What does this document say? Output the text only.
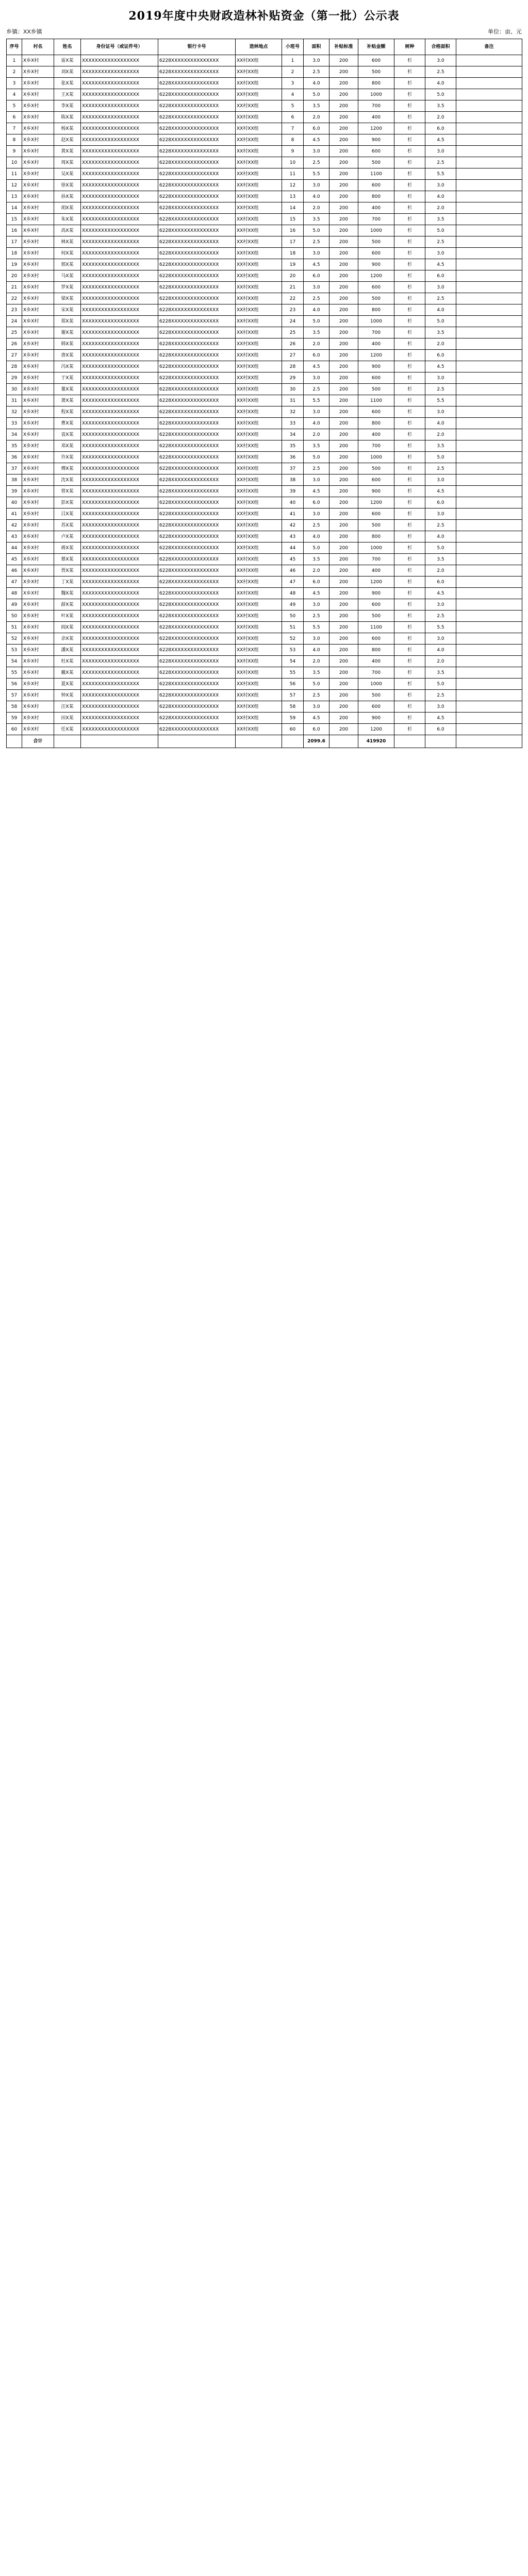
2019年度中央财政造林补贴资金（第一批）公示表
乡镇：XX乡镇	单位：亩、元
序号	村名	姓名	身份证号（或证件号）	银行卡号	造林地点	小班号	面积	补贴标准	补贴金额	树种	合格面积	备注
1	X乡X村	雷X某	XXXXXXXXXXXXXXXXXX	6228XXXXXXXXXXXXXXX	XX村XX组	1	3.0	200	600	杉	3.0	
2	X乡X村	刘X某	XXXXXXXXXXXXXXXXXX	6228XXXXXXXXXXXXXXX	XX村XX组	2	2.5	200	500	杉	2.5	
3	X乡X村	张X某	XXXXXXXXXXXXXXXXXX	6228XXXXXXXXXXXXXXX	XX村XX组	3	4.0	200	800	杉	4.0	
4	X乡X村	王X某	XXXXXXXXXXXXXXXXXX	6228XXXXXXXXXXXXXXX	XX村XX组	4	5.0	200	1000	杉	5.0	
5	X乡X村	李X某	XXXXXXXXXXXXXXXXXX	6228XXXXXXXXXXXXXXX	XX村XX组	5	3.5	200	700	杉	3.5	
6	X乡X村	陈X某	XXXXXXXXXXXXXXXXXX	6228XXXXXXXXXXXXXXX	XX村XX组	6	2.0	200	400	杉	2.0	
7	X乡X村	杨X某	XXXXXXXXXXXXXXXXXX	6228XXXXXXXXXXXXXXX	XX村XX组	7	6.0	200	1200	杉	6.0	
8	X乡X村	赵X某	XXXXXXXXXXXXXXXXXX	6228XXXXXXXXXXXXXXX	XX村XX组	8	4.5	200	900	杉	4.5	
9	X乡X村	黄X某	XXXXXXXXXXXXXXXXXX	6228XXXXXXXXXXXXXXX	XX村XX组	9	3.0	200	600	杉	3.0	
10	X乡X村	周X某	XXXXXXXXXXXXXXXXXX	6228XXXXXXXXXXXXXXX	XX村XX组	10	2.5	200	500	杉	2.5	
11	X乡X村	吴X某	XXXXXXXXXXXXXXXXXX	6228XXXXXXXXXXXXXXX	XX村XX组	11	5.5	200	1100	杉	5.5	
12	X乡X村	徐X某	XXXXXXXXXXXXXXXXXX	6228XXXXXXXXXXXXXXX	XX村XX组	12	3.0	200	600	杉	3.0	
13	X乡X村	孙X某	XXXXXXXXXXXXXXXXXX	6228XXXXXXXXXXXXXXX	XX村XX组	13	4.0	200	800	杉	4.0	
14	X乡X村	胡X某	XXXXXXXXXXXXXXXXXX	6228XXXXXXXXXXXXXXX	XX村XX组	14	2.0	200	400	杉	2.0	
15	X乡X村	朱X某	XXXXXXXXXXXXXXXXXX	6228XXXXXXXXXXXXXXX	XX村XX组	15	3.5	200	700	杉	3.5	
16	X乡X村	高X某	XXXXXXXXXXXXXXXXXX	6228XXXXXXXXXXXXXXX	XX村XX组	16	5.0	200	1000	杉	5.0	
17	X乡X村	林X某	XXXXXXXXXXXXXXXXXX	6228XXXXXXXXXXXXXXX	XX村XX组	17	2.5	200	500	杉	2.5	
18	X乡X村	何X某	XXXXXXXXXXXXXXXXXX	6228XXXXXXXXXXXXXXX	XX村XX组	18	3.0	200	600	杉	3.0	
19	X乡X村	郭X某	XXXXXXXXXXXXXXXXXX	6228XXXXXXXXXXXXXXX	XX村XX组	19	4.5	200	900	杉	4.5	
20	X乡X村	马X某	XXXXXXXXXXXXXXXXXX	6228XXXXXXXXXXXXXXX	XX村XX组	20	6.0	200	1200	杉	6.0	
21	X乡X村	罗X某	XXXXXXXXXXXXXXXXXX	6228XXXXXXXXXXXXXXX	XX村XX组	21	3.0	200	600	杉	3.0	
22	X乡X村	梁X某	XXXXXXXXXXXXXXXXXX	6228XXXXXXXXXXXXXXX	XX村XX组	22	2.5	200	500	杉	2.5	
23	X乡X村	宋X某	XXXXXXXXXXXXXXXXXX	6228XXXXXXXXXXXXXXX	XX村XX组	23	4.0	200	800	杉	4.0	
24	X乡X村	郑X某	XXXXXXXXXXXXXXXXXX	6228XXXXXXXXXXXXXXX	XX村XX组	24	5.0	200	1000	杉	5.0	
25	X乡X村	谢X某	XXXXXXXXXXXXXXXXXX	6228XXXXXXXXXXXXXXX	XX村XX组	25	3.5	200	700	杉	3.5	
26	X乡X村	韩X某	XXXXXXXXXXXXXXXXXX	6228XXXXXXXXXXXXXXX	XX村XX组	26	2.0	200	400	杉	2.0	
27	X乡X村	唐X某	XXXXXXXXXXXXXXXXXX	6228XXXXXXXXXXXXXXX	XX村XX组	27	6.0	200	1200	杉	6.0	
28	X乡X村	冯X某	XXXXXXXXXXXXXXXXXX	6228XXXXXXXXXXXXXXX	XX村XX组	28	4.5	200	900	杉	4.5	
29	X乡X村	于X某	XXXXXXXXXXXXXXXXXX	6228XXXXXXXXXXXXXXX	XX村XX组	29	3.0	200	600	杉	3.0	
30	X乡X村	董X某	XXXXXXXXXXXXXXXXXX	6228XXXXXXXXXXXXXXX	XX村XX组	30	2.5	200	500	杉	2.5	
31	X乡X村	萧X某	XXXXXXXXXXXXXXXXXX	6228XXXXXXXXXXXXXXX	XX村XX组	31	5.5	200	1100	杉	5.5	
32	X乡X村	程X某	XXXXXXXXXXXXXXXXXX	6228XXXXXXXXXXXXXXX	XX村XX组	32	3.0	200	600	杉	3.0	
33	X乡X村	曹X某	XXXXXXXXXXXXXXXXXX	6228XXXXXXXXXXXXXXX	XX村XX组	33	4.0	200	800	杉	4.0	
34	X乡X村	袁X某	XXXXXXXXXXXXXXXXXX	6228XXXXXXXXXXXXXXX	XX村XX组	34	2.0	200	400	杉	2.0	
35	X乡X村	邓X某	XXXXXXXXXXXXXXXXXX	6228XXXXXXXXXXXXXXX	XX村XX组	35	3.5	200	700	杉	3.5	
36	X乡X村	许X某	XXXXXXXXXXXXXXXXXX	6228XXXXXXXXXXXXXXX	XX村XX组	36	5.0	200	1000	杉	5.0	
37	X乡X村	傅X某	XXXXXXXXXXXXXXXXXX	6228XXXXXXXXXXXXXXX	XX村XX组	37	2.5	200	500	杉	2.5	
38	X乡X村	沈X某	XXXXXXXXXXXXXXXXXX	6228XXXXXXXXXXXXXXX	XX村XX组	38	3.0	200	600	杉	3.0	
39	X乡X村	曾X某	XXXXXXXXXXXXXXXXXX	6228XXXXXXXXXXXXXXX	XX村XX组	39	4.5	200	900	杉	4.5	
40	X乡X村	彭X某	XXXXXXXXXXXXXXXXXX	6228XXXXXXXXXXXXXXX	XX村XX组	40	6.0	200	1200	杉	6.0	
41	X乡X村	吕X某	XXXXXXXXXXXXXXXXXX	6228XXXXXXXXXXXXXXX	XX村XX组	41	3.0	200	600	杉	3.0	
42	X乡X村	苏X某	XXXXXXXXXXXXXXXXXX	6228XXXXXXXXXXXXXXX	XX村XX组	42	2.5	200	500	杉	2.5	
43	X乡X村	卢X某	XXXXXXXXXXXXXXXXXX	6228XXXXXXXXXXXXXXX	XX村XX组	43	4.0	200	800	杉	4.0	
44	X乡X村	蒋X某	XXXXXXXXXXXXXXXXXX	6228XXXXXXXXXXXXXXX	XX村XX组	44	5.0	200	1000	杉	5.0	
45	X乡X村	蔡X某	XXXXXXXXXXXXXXXXXX	6228XXXXXXXXXXXXXXX	XX村XX组	45	3.5	200	700	杉	3.5	
46	X乡X村	贾X某	XXXXXXXXXXXXXXXXXX	6228XXXXXXXXXXXXXXX	XX村XX组	46	2.0	200	400	杉	2.0	
47	X乡X村	丁X某	XXXXXXXXXXXXXXXXXX	6228XXXXXXXXXXXXXXX	XX村XX组	47	6.0	200	1200	杉	6.0	
48	X乡X村	魏X某	XXXXXXXXXXXXXXXXXX	6228XXXXXXXXXXXXXXX	XX村XX组	48	4.5	200	900	杉	4.5	
49	X乡X村	薛X某	XXXXXXXXXXXXXXXXXX	6228XXXXXXXXXXXXXXX	XX村XX组	49	3.0	200	600	杉	3.0	
50	X乡X村	叶X某	XXXXXXXXXXXXXXXXXX	6228XXXXXXXXXXXXXXX	XX村XX组	50	2.5	200	500	杉	2.5	
51	X乡X村	阎X某	XXXXXXXXXXXXXXXXXX	6228XXXXXXXXXXXXXXX	XX村XX组	51	5.5	200	1100	杉	5.5	
52	X乡X村	余X某	XXXXXXXXXXXXXXXXXX	6228XXXXXXXXXXXXXXX	XX村XX组	52	3.0	200	600	杉	3.0	
53	X乡X村	潘X某	XXXXXXXXXXXXXXXXXX	6228XXXXXXXXXXXXXXX	XX村XX组	53	4.0	200	800	杉	4.0	
54	X乡X村	杜X某	XXXXXXXXXXXXXXXXXX	6228XXXXXXXXXXXXXXX	XX村XX组	54	2.0	200	400	杉	2.0	
55	X乡X村	戴X某	XXXXXXXXXXXXXXXXXX	6228XXXXXXXXXXXXXXX	XX村XX组	55	3.5	200	700	杉	3.5	
56	X乡X村	夏X某	XXXXXXXXXXXXXXXXXX	6228XXXXXXXXXXXXXXX	XX村XX组	56	5.0	200	1000	杉	5.0	
57	X乡X村	钟X某	XXXXXXXXXXXXXXXXXX	6228XXXXXXXXXXXXXXX	XX村XX组	57	2.5	200	500	杉	2.5	
58	X乡X村	汪X某	XXXXXXXXXXXXXXXXXX	6228XXXXXXXXXXXXXXX	XX村XX组	58	3.0	200	600	杉	3.0	
59	X乡X村	田X某	XXXXXXXXXXXXXXXXXX	6228XXXXXXXXXXXXXXX	XX村XX组	59	4.5	200	900	杉	4.5	
60	X乡X村	任X某	XXXXXXXXXXXXXXXXXX	6228XXXXXXXXXXXXXXX	XX村XX组	60	6.0	200	1200	杉	6.0	
	合计						2099.6		419920			
